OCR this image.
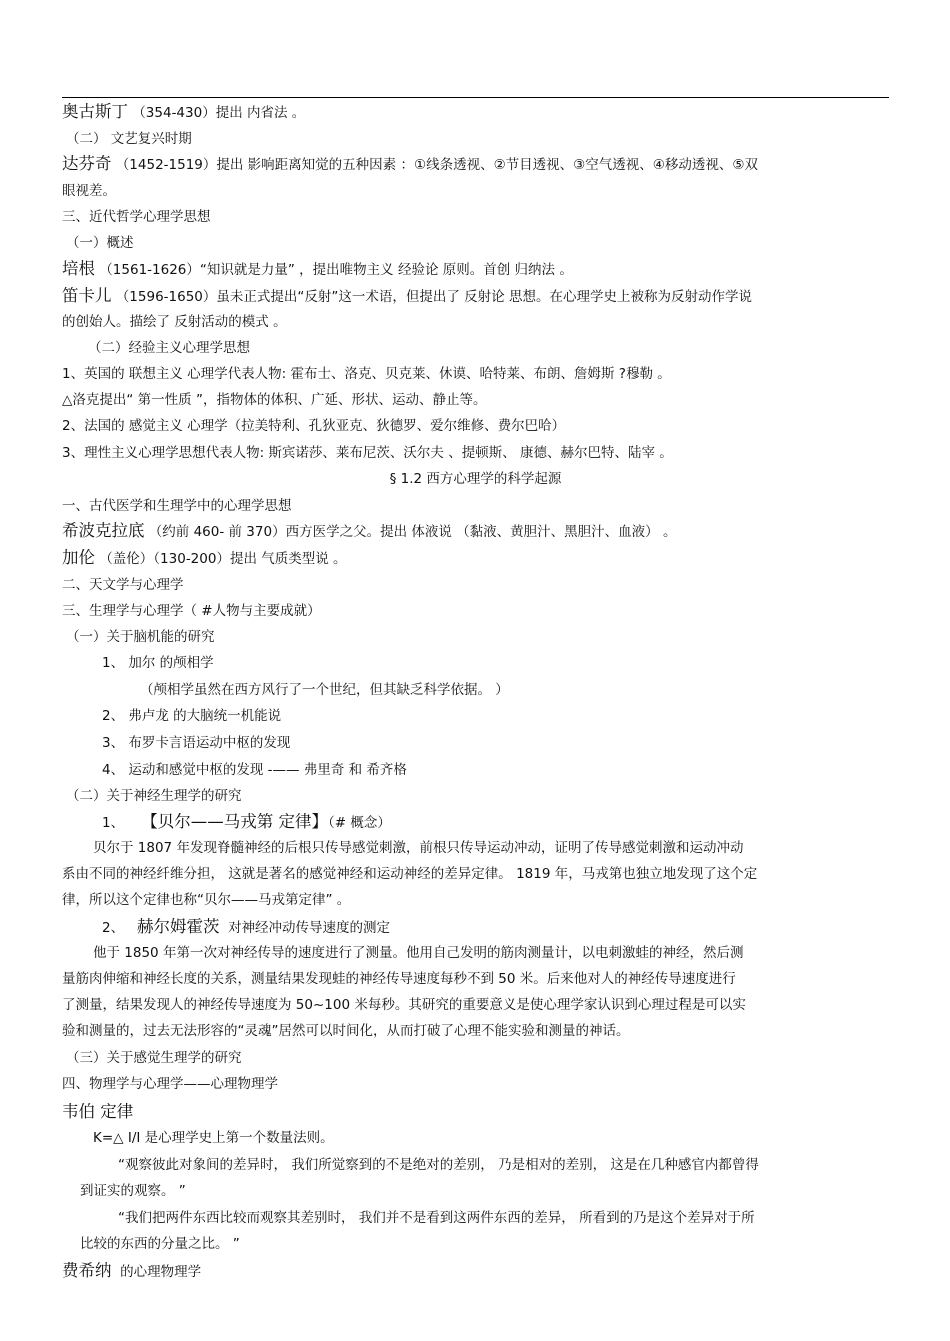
奥古斯丁 （354-430）提出 内省法 。
（二） 文艺复兴时期
达芬奇 （1452-1519）提出 影响距离知觉的五种因素 ：①线条透视、②节目透视、③空气透视、④移动透视、⑤双
眼视差。
三、近代哲学心理学思想
（一）概述
培根 （1561-1626）“知识就是力量” ，提出唯物主义 经验论 原则。首创 归纳法 。
笛卡儿 （1596-1650）虽未正式提出“反射”这一术语，但提出了 反射论 思想。在心理学史上被称为反射动作学说
的创始人。描绘了 反射活动的模式 。
（二）经验主义心理学思想
1、英国的 联想主义 心理学代表人物: 霍布士、洛克、贝克莱、休谟、哈特莱、布朗、詹姆斯 ?穆勒 。
△洛克提出“ 第一性质 ”，指物体的体积、广延、形状、运动、静止等。
2、法国的 感觉主义 心理学（拉美特利、孔狄亚克、狄德罗、爱尔维修、费尔巴哈）
3、理性主义心理学思想代表人物: 斯宾诺莎、莱布尼茨、沃尔夫 、提顿斯、 康德、赫尔巴特、陆宰 。
§ 1.2 西方心理学的科学起源
一、古代医学和生理学中的心理学思想
希波克拉底 （约前 460- 前 370）西方医学之父。提出 体液说 （黏液、黄胆汁、黑胆汁、血液） 。
加伦 （盖伦）（130-200）提出 气质类型说 。
二、天文学与心理学
三、生理学与心理学（ #人物与主要成就）
（一）关于脑机能的研究
1、 加尔 的颅相学
（颅相学虽然在西方风行了一个世纪，但其缺乏科学依据。 ）
2、 弗卢龙 的大脑统一机能说
3、 布罗卡言语运动中枢的发现
4、 运动和感觉中枢的发现 -—— 弗里奇 和 希齐格
（二）关于神经生理学的研究
1、 【贝尔——马戎第 定律】（# 概念）
贝尔于 1807 年发现脊髓神经的后根只传导感觉刺激，前根只传导运动冲动，证明了传导感觉刺激和运动冲动
系由不同的神经纤维分担， 这就是著名的感觉神经和运动神经的差异定律。 1819 年，马戎第也独立地发现了这个定
律，所以这个定律也称“贝尔——马戎第定律” 。
2、 赫尔姆霍茨 对神经冲动传导速度的测定
他于 1850 年第一次对神经传导的速度进行了测量。他用自己发明的筋肉测量计，以电刺激蛙的神经，然后测
量筋肉伸缩和神经长度的关系，测量结果发现蛙的神经传导速度每秒不到 50 米。后来他对人的神经传导速度进行
了测量，结果发现人的神经传导速度为 50~100 米每秒。其研究的重要意义是使心理学家认识到心理过程是可以实
验和测量的，过去无法形容的“灵魂”居然可以时间化，从而打破了心理不能实验和测量的神话。
（三）关于感觉生理学的研究
四、物理学与心理学——心理物理学
韦伯 定律
K=△ I/I 是心理学史上第一个数量法则。
“观察彼此对象间的差异时， 我们所觉察到的不是绝对的差别， 乃是相对的差别， 这是在几种感官内都曾得
到证实的观察。 ”
“我们把两件东西比较而观察其差别时， 我们并不是看到这两件东西的差异， 所看到的乃是这个差异对于所
比较的东西的分量之比。 ”
费希纳 的心理物理学
